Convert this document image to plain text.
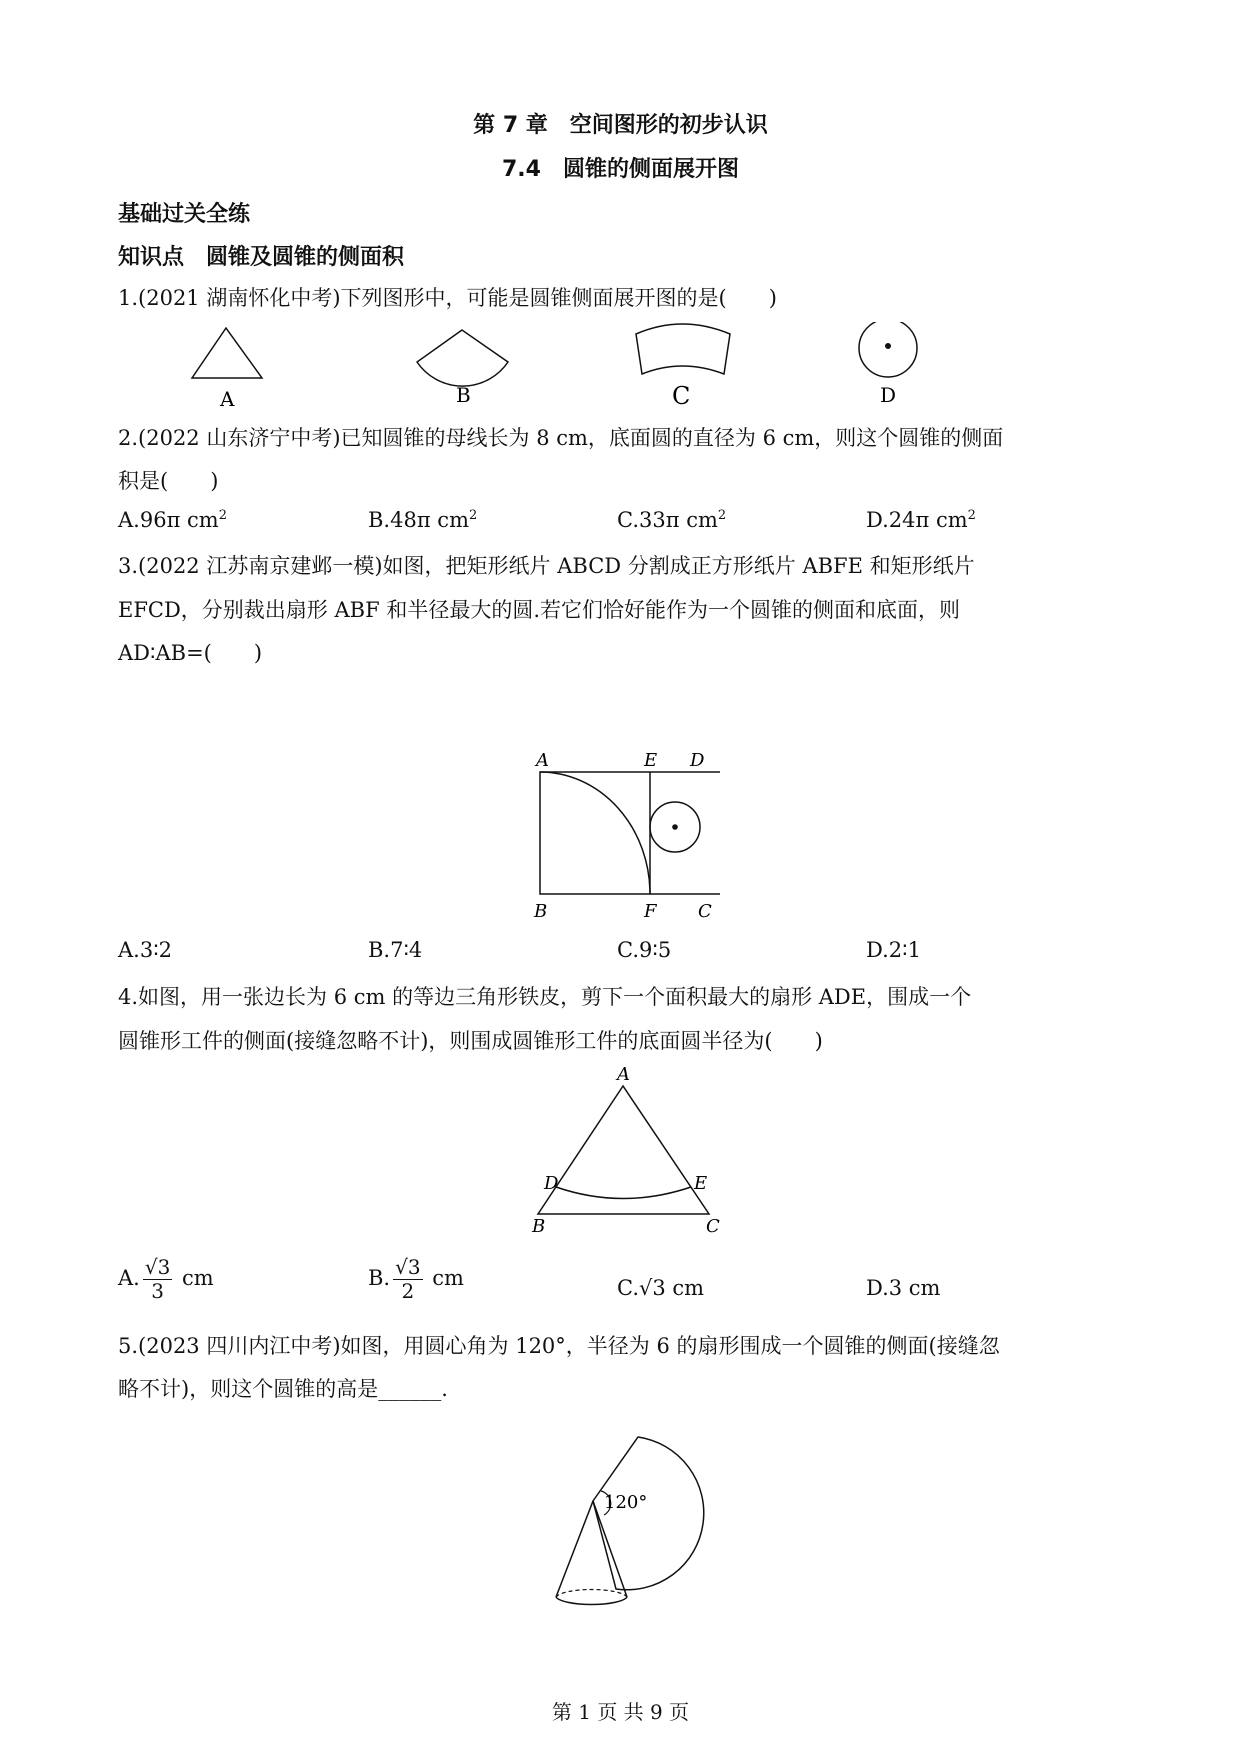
第 7 章　空间图形的初步认识
7.4　圆锥的侧面展开图
基础过关全练
知识点　圆锥及圆锥的侧面积
1.(2021 湖南怀化中考)下列图形中，可能是圆锥侧面展开图的是(　　)
A	B	C	D
2.(2022 山东济宁中考)已知圆锥的母线长为 8 cm，底面圆的直径为 6 cm，则这个圆锥的侧面
积是(　　)
A.96π $cm^2$	B.48π $cm^2$	C.33π $cm^2$	D.24π $cm^2$
3.(2022 江苏南京建邺一模)如图，把矩形纸片 ABCD 分割成正方形纸片 ABFE 和矩形纸片
EFCD，分别裁出扇形 ABF 和半径最大的圆.若它们恰好能作为一个圆锥的侧面和底面，则
AD∶AB=(　　)
A	E D
B	F C
A.3∶2	B.7∶4	C.9∶5	D.2∶1
4.如图，用一张边长为 6 cm 的等边三角形铁皮，剪下一个面积最大的扇形 ADE，围成一个
圆锥形工件的侧面(接缝忽略不计)，则围成圆锥形工件的底面圆半径为(　　)
A
D	E
B	C
A. $\frac{√3}{3}$ cm	B. $\frac{√3}{2}$ cm	C.√3 cm	D.3 cm
5.(2023 四川内江中考)如图，用圆心角为 120°，半径为 6 的扇形围成一个圆锥的侧面(接缝忽
略不计)，则这个圆锥的高是______.
120°
第 1 页 共 9 页
